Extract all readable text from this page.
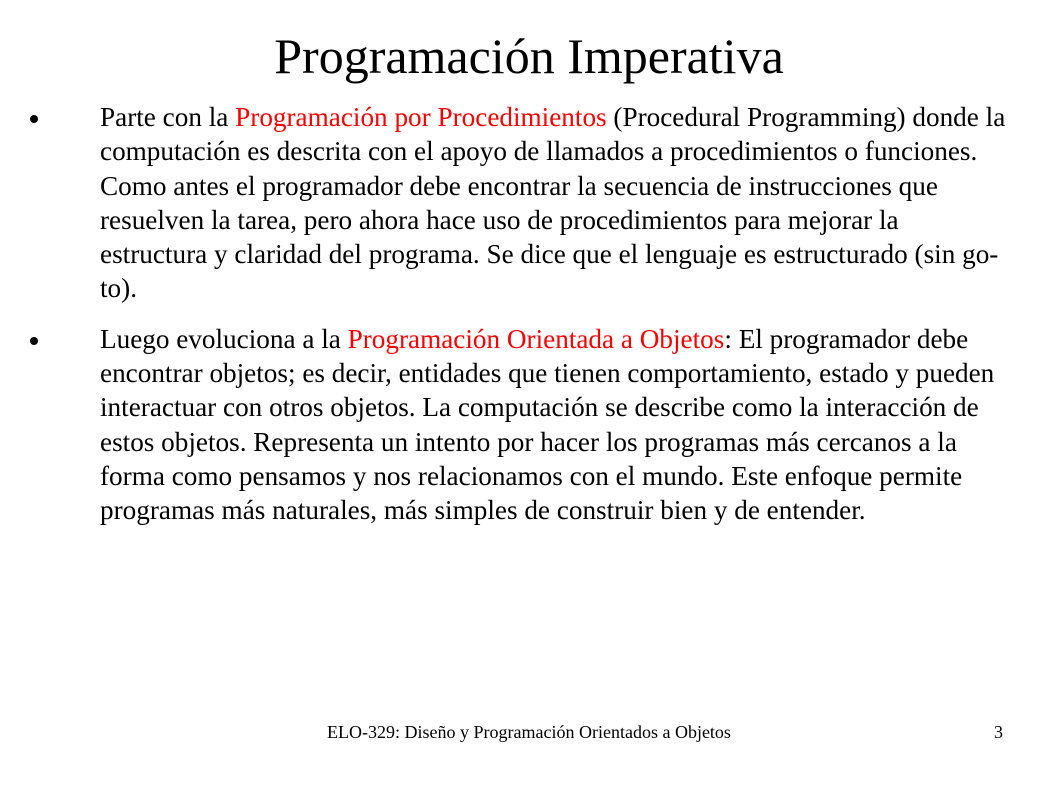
Programación Imperativa
Parte con la Programación por Procedimientos (Procedural Programming) donde la computación es descrita con el apoyo de llamados a procedimientos o funciones. Como antes el programador debe encontrar la secuencia de instrucciones que resuelven la tarea, pero ahora hace uso de procedimientos para mejorar la estructura y claridad del programa. Se dice que el lenguaje es estructurado (sin go-to).
Luego evoluciona a la Programación Orientada a Objetos: El programador debe encontrar objetos; es decir, entidades que tienen comportamiento, estado y pueden interactuar con otros objetos. La computación se describe como la interacción de estos objetos. Representa un intento por hacer los programas más cercanos a la forma como pensamos y nos relacionamos con el mundo. Este enfoque permite programas más naturales, más simples de construir bien y de entender.
ELO-329: Diseño y Programación Orientados a Objetos	3
